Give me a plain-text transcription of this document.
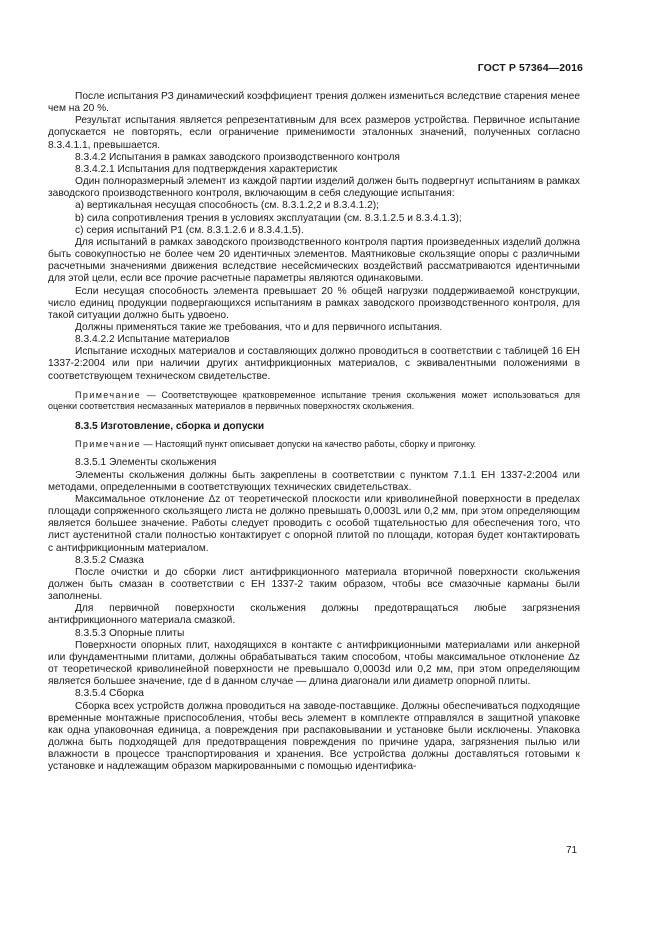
ГОСТ Р 57364—2016

После испытания РЗ динамический коэффициент трения должен измениться вследствие старения менее чем на 20 %.

Результат испытания является репрезентативным для всех размеров устройства. Первичное испытание допускается не повторять, если ограничение применимости эталонных значений, полученных согласно 8.3.4.1.1, превышается.

8.3.4.2 Испытания в рамках заводского производственного контроля

8.3.4.2.1 Испытания для подтверждения характеристик

Один полноразмерный элемент из каждой партии изделий должен быть подвергнут испытаниям в рамках заводского производственного контроля, включающим в себя следующие испытания:

a) вертикальная несущая способность (см. 8.3.1.2,2 и 8.3.4.1.2);

b) сила сопротивления трения в условиях эксплуатации (см. 8.3.1.2.5 и 8.3.4.1.3);

c) серия испытаний Р1 (см. 8.3.1.2.6 и 8.3.4.1.5).

Для испытаний в рамках заводского производственного контроля партия произведенных изделий должна быть совокупностью не более чем 20 идентичных элементов. Маятниковые скользящие опоры с различными расчетными значениями движения вследствие несейсмических воздействий рассматриваются идентичными для этой цели, если все прочие расчетные параметры являются одинаковыми.

Если несущая способность элемента превышает 20 % общей нагрузки поддерживаемой конструкции, число единиц продукции подвергающихся испытаниям в рамках заводского производственного контроля, для такой ситуации должно быть удвоено.

Должны применяться такие же требования, что и для первичного испытания.

8.3.4.2.2 Испытание материалов

Испытание исходных материалов и составляющих должно проводиться в соответствии с таблицей 16 ЕН 1337-2:2004 или при наличии других антифрикционных материалов, с эквивалентными положениями в соответствующем техническом свидетельстве.

Примечание — Соответствующее кратковременное испытание трения скольжения может использоваться для оценки соответствия несмазанных материалов в первичных поверхностях скольжения.

8.3.5 Изготовление, сборка и допуски

Примечание — Настоящий пункт описывает допуски на качество работы, сборку и пригонку.

8.3.5.1 Элементы скольжения

Элементы скольжения должны быть закреплены в соответствии с пунктом 7.1.1 ЕН 1337-2:2004 или методами, определенными в соответствующих технических свидетельствах.

Максимальное отклонение Δz от теоретической плоскости или криволинейной поверхности в пределах площади сопряженного скользящего листа не должно превышать 0,0003L или 0,2 мм, при этом определяющим является большее значение. Работы следует проводить с особой тщательностью для обеспечения того, что лист аустенитной стали полностью контактирует с опорной плитой по площади, которая будет контактировать с антифрикционным материалом.

8.3.5.2 Смазка

После очистки и до сборки лист антифрикционного материала вторичной поверхности скольжения должен быть смазан в соответствии с ЕН 1337-2 таким образом, чтобы все смазочные карманы были заполнены.

Для первичной поверхности скольжения должны предотвращаться любые загрязнения антифрикционного материала смазкой.

8.3.5.3 Опорные плиты

Поверхности опорных плит, находящихся в контакте с антифрикционными материалами или анкерной или фундаментными плитами, должны обрабатываться таким способом, чтобы максимальное отклонение Δz от теоретической криволинейной поверхности не превышало 0,0003d или 0,2 мм, при этом определяющим является большее значение, где d в данном случае — длина диагонали или диаметр опорной плиты.

8.3.5.4 Сборка

Сборка всех устройств должна проводиться на заводе-поставщике. Должны обеспечиваться подходящие временные монтажные приспособления, чтобы весь элемент в комплекте отправлялся в защитной упаковке как одна упаковочная единица, а повреждения при распаковывании и установке были исключены. Упаковка должна быть подходящей для предотвращения повреждения по причине удара, загрязнения пылью или влажности в процессе транспортирования и хранения. Все устройства должны доставляться готовыми к установке и надлежащим образом маркированными с помощью идентифика-

71
